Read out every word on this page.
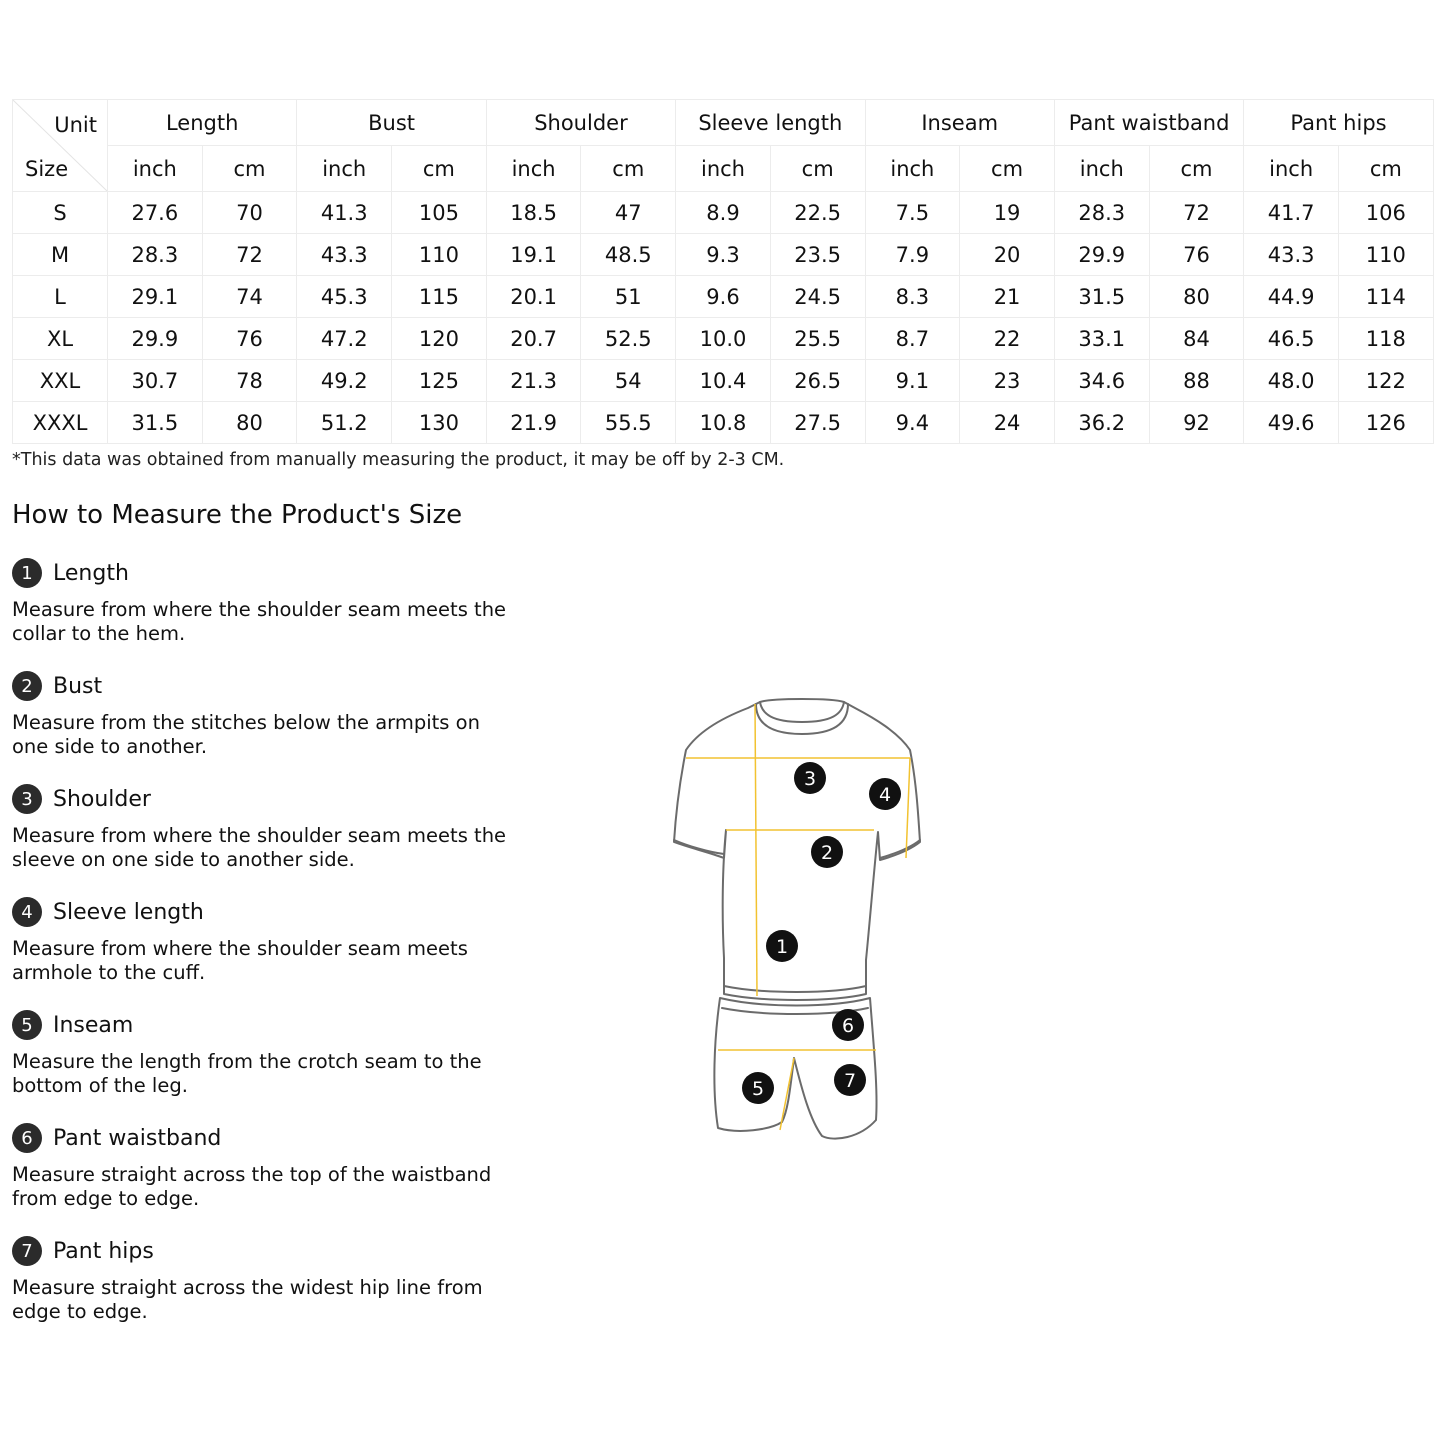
Unit
Size	Length		Bust		Shoulder		Sleeve length		Inseam		Pant waistband		Pant hips	
	inch	cm	inch	cm	inch	cm	inch	cm	inch	cm	inch	cm	inch	cm
S	27.6	70	41.3	105	18.5	47	8.9	22.5	7.5	19	28.3	72	41.7	106
M	28.3	72	43.3	110	19.1	48.5	9.3	23.5	7.9	20	29.9	76	43.3	110
L	29.1	74	45.3	115	20.1	51	9.6	24.5	8.3	21	31.5	80	44.9	114
XL	29.9	76	47.2	120	20.7	52.5	10.0	25.5	8.7	22	33.1	84	46.5	118
XXL	30.7	78	49.2	125	21.3	54	10.4	26.5	9.1	23	34.6	88	48.0	122
XXXL	31.5	80	51.2	130	21.9	55.5	10.8	27.5	9.4	24	36.2	92	49.6	126
*This data was obtained from manually measuring the product, it may be off by 2-3 CM.
How to Measure the Product's Size
1 Length
Measure from where the shoulder seam meets the collar to the hem.
2 Bust
Measure from the stitches below the armpits on one side to another.
3 Shoulder
Measure from where the shoulder seam meets the sleeve on one side to another side.
4 Sleeve length
Measure from where the shoulder seam meets armhole to the cuff.
5 Inseam
Measure the length from the crotch seam to the bottom of the leg.
6 Pant waistband
Measure straight across the top of the waistband from edge to edge.
7 Pant hips
Measure straight across the widest hip line from edge to edge.
3
4
2
1
6
7
5
